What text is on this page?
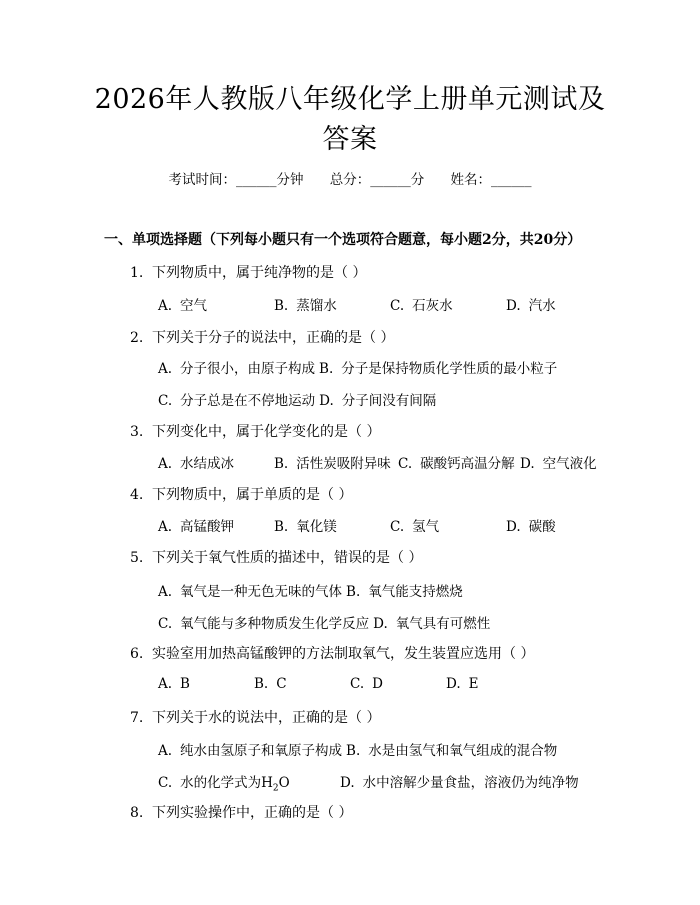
2026年人教版八年级化学上册单元测试及答案
考试时间：______分钟 总分：______分 姓名：______
一、单项选择题（下列每小题只有一个选项符合题意，每小题2分，共20分）
1. 下列物质中，属于纯净物的是（ ）
A. 空气	B. 蒸馏水	C. 石灰水	D. 汽水
2. 下列关于分子的说法中，正确的是（ ）
A. 分子很小，由原子构成 B. 分子是保持物质化学性质的最小粒子
C. 分子总是在不停地运动 D. 分子间没有间隔
3. 下列变化中，属于化学变化的是（ ）
A. 水结成冰	B. 活性炭吸附异味 C. 碳酸钙高温分解 D. 空气液化
4. 下列物质中，属于单质的是（ ）
A. 高锰酸钾	B. 氧化镁	C. 氢气	D. 碳酸
5. 下列关于氧气性质的描述中，错误的是（ ）
A. 氧气是一种无色无味的气体 B. 氧气能支持燃烧
C. 氧气能与多种物质发生化学反应 D. 氧气具有可燃性
6. 实验室用加热高锰酸钾的方法制取氧气，发生装置应选用（ ）
A. B	B. C	C. D	D. E
7. 下列关于水的说法中，正确的是（ ）
A. 纯水由氢原子和氧原子构成 B. 水是由氢气和氧气组成的混合物
C. 水的化学式为$H_2O$	D. 水中溶解少量食盐，溶液仍为纯净物
8. 下列实验操作中，正确的是（ ）
